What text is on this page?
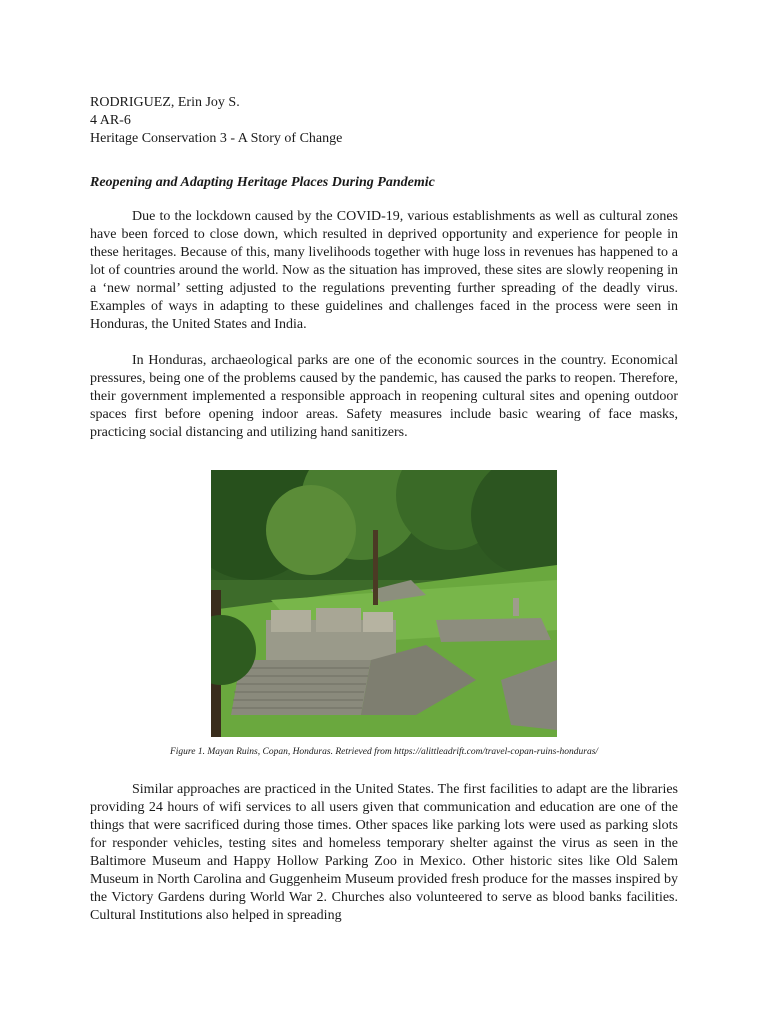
RODRIGUEZ, Erin Joy S.

4 AR-6

Heritage Conservation 3 - A Story of Change

Reopening and Adapting Heritage Places During Pandemic

Due to the lockdown caused by the COVID-19, various establishments as well as cultural zones have been forced to close down, which resulted in deprived opportunity and experience for people in these heritages. Because of this, many livelihoods together with huge loss in revenues has happened to a lot of countries around the world. Now as the situation has improved, these sites are slowly reopening in a ‘new normal’ setting adjusted to the regulations preventing further spreading of the deadly virus. Examples of ways in adapting to these guidelines and challenges faced in the process were seen in Honduras, the United States and India.

In Honduras, archaeological parks are one of the economic sources in the country. Economical pressures, being one of the problems caused by the pandemic, has caused the parks to reopen. Therefore, their government implemented a responsible approach in reopening cultural sites and opening outdoor spaces first before opening indoor areas. Safety measures include basic wearing of face masks, practicing social distancing and utilizing hand sanitizers.

Figure 1. Mayan Ruins, Copan, Honduras. Retrieved from https://alittleadrift.com/travel-copan-ruins-honduras/

Similar approaches are practiced in the United States. The first facilities to adapt are the libraries providing 24 hours of wifi services to all users given that communication and education are one of the things that were sacrificed during those times. Other spaces like parking lots were used as parking slots for responder vehicles, testing sites and homeless temporary shelter against the virus as seen in the Baltimore Museum and Happy Hollow Parking Zoo in Mexico. Other historic sites like Old Salem Museum in North Carolina and Guggenheim Museum provided fresh produce for the masses inspired by the Victory Gardens during World War 2. Churches also volunteered to serve as blood banks facilities. Cultural Institutions also helped in spreading
